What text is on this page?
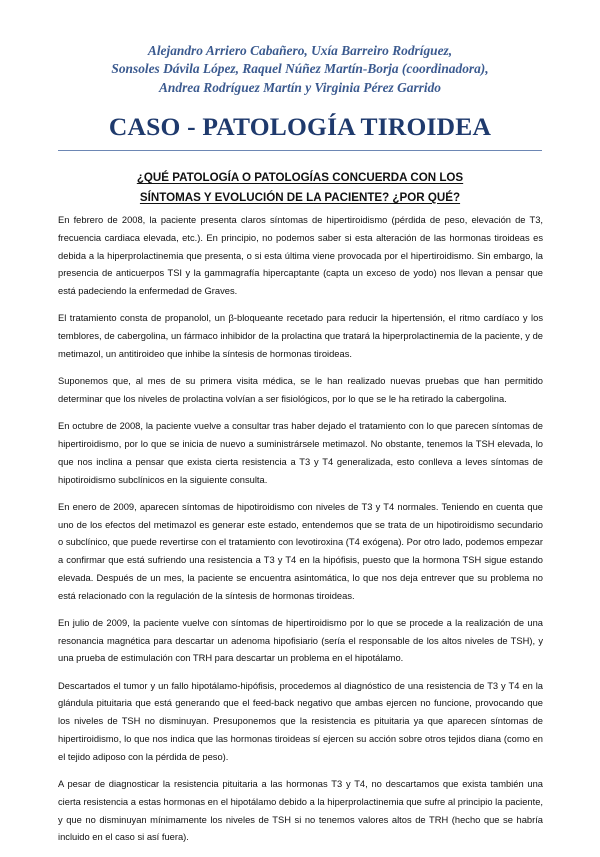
Alejandro Arriero Cabañero, Uxía Barreiro Rodríguez,
Sonsoles Dávila López, Raquel Núñez Martín-Borja (coordinadora),
Andrea Rodríguez Martín y Virginia Pérez Garrido
CASO - PATOLOGÍA TIROIDEA
¿QUÉ PATOLOGÍA O PATOLOGÍAS CONCUERDA CON LOS
SÍNTOMAS Y EVOLUCIÓN DE LA PACIENTE? ¿POR QUÉ?

En febrero de 2008, la paciente presenta claros síntomas de hipertiroidismo (pérdida de peso, elevación de T3, frecuencia cardiaca elevada, etc.). En principio, no podemos saber si esta alteración de las hormonas tiroideas es debida a la hiperprolactinemia que presenta, o si esta última viene provocada por el hipertiroidismo. Sin embargo, la presencia de anticuerpos TSI y la gammagrafía hipercaptante (capta un exceso de yodo) nos llevan a pensar que está padeciendo la enfermedad de Graves.

El tratamiento consta de propanolol, un β-bloqueante recetado para reducir la hipertensión, el ritmo cardíaco y los temblores, de cabergolina, un fármaco inhibidor de la prolactina que tratará la hiperprolactinemia de la paciente, y de metimazol, un antitiroideo que inhibe la síntesis de hormonas tiroideas.

Suponemos que, al mes de su primera visita médica, se le han realizado nuevas pruebas que han permitido determinar que los niveles de prolactina volvían a ser fisiológicos, por lo que se le ha retirado la cabergolina.

En octubre de 2008, la paciente vuelve a consultar tras haber dejado el tratamiento con lo que parecen síntomas de hipertiroidismo, por lo que se inicia de nuevo a suministrársele metimazol. No obstante, tenemos la TSH elevada, lo que nos inclina a pensar que exista cierta resistencia a T3 y T4 generalizada, esto conlleva a leves síntomas de hipotiroidismo subclínicos en la siguiente consulta.

En enero de 2009, aparecen síntomas de hipotiroidismo con niveles de T3 y T4 normales. Teniendo en cuenta que uno de los efectos del metimazol es generar este estado, entendemos que se trata de un hipotiroidismo secundario o subclínico, que puede revertirse con el tratamiento con levotiroxina (T4 exógena). Por otro lado, podemos empezar a confirmar que está sufriendo una resistencia a T3 y T4 en la hipófisis, puesto que la hormona TSH sigue estando elevada. Después de un mes, la paciente se encuentra asintomática, lo que nos deja entrever que su problema no está relacionado con la regulación de la síntesis de hormonas tiroideas.

En julio de 2009, la paciente vuelve con síntomas de hipertiroidismo por lo que se procede a la realización de una resonancia magnética para descartar un adenoma hipofisiario (sería el responsable de los altos niveles de TSH), y una prueba de estimulación con TRH para descartar un problema en el hipotálamo.

Descartados el tumor y un fallo hipotálamo-hipófisis, procedemos al diagnóstico de una resistencia de T3 y T4 en la glándula pituitaria que está generando que el feed-back negativo que ambas ejercen no funcione, provocando que los niveles de TSH no disminuyan. Presuponemos que la resistencia es pituitaria ya que aparecen síntomas de hipertiroidismo, lo que nos indica que las hormonas tiroideas sí ejercen su acción sobre otros tejidos diana (como en el tejido adiposo con la pérdida de peso).

A pesar de diagnosticar la resistencia pituitaria a las hormonas T3 y T4, no descartamos que exista también una cierta resistencia a estas hormonas en el hipotálamo debido a la hiperprolactinemia que sufre al principio la paciente, y que no disminuyan mínimamente los niveles de TSH si no tenemos valores altos de TRH (hecho que se habría incluido en el caso si así fuera).
